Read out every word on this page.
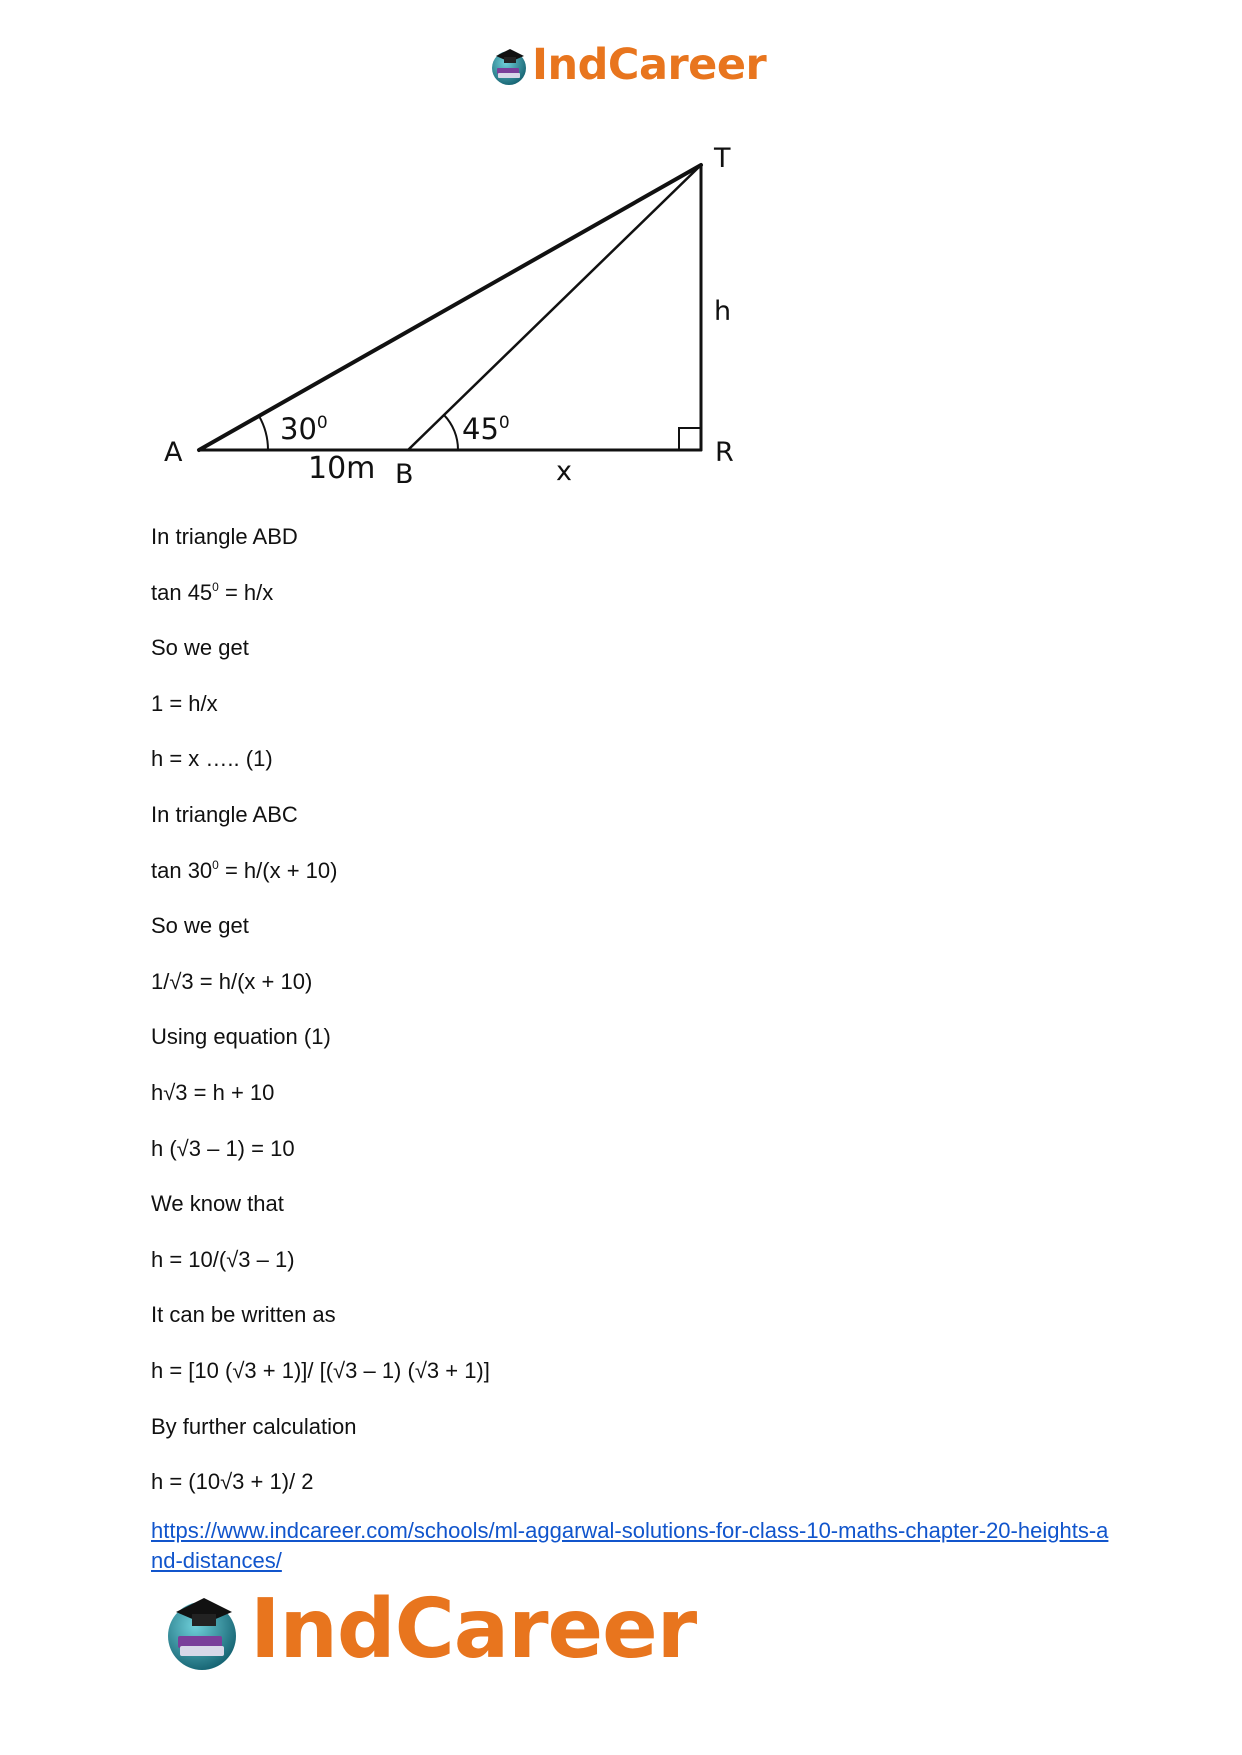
IndCareer
T
h
A
B
R
10m	x
$30^0$	$45^0$
In triangle ABD
$\tan 45^0 = h/x$
So we get
1 = h/x
h = x ….. (1)
In triangle ABC
$\tan 30^0 = h/(x + 10)$
So we get
1/√3 = h/(x + 10)
Using equation (1)
h√3 = h + 10
h (√3 – 1) = 10
We know that
h = 10/(√3 – 1)
It can be written as
h = [10 (√3 + 1)]/ [(√3 – 1) (√3 + 1)]
By further calculation
h = (10√3 + 1)/ 2
https://www.indcareer.com/schools/ml-aggarwal-solutions-for-class-10-maths-chapter-20-heights-and-distances/
IndCareer
